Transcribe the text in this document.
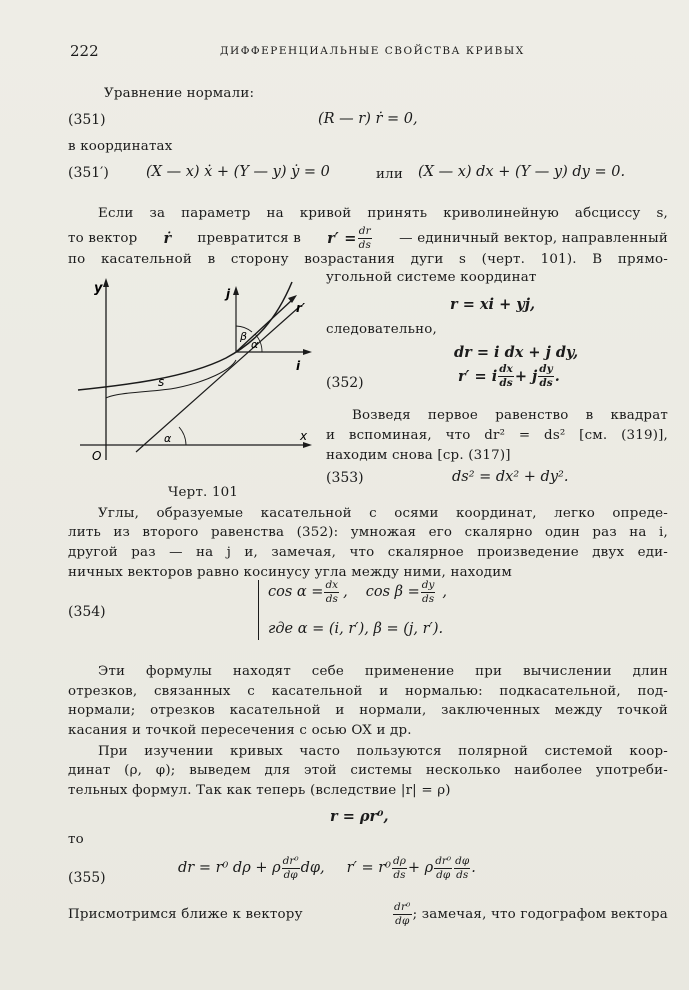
222	ДИФФЕРЕНЦИАЛЬНЫЕ СВОЙСТВА КРИВЫХ
Уравнение нормали:
(351)	(R — r) ṙ = 0,
в координатах
(351′)	(X — x) ẋ + (Y — y) ẏ = 0	или (X — x) dx + (Y — y) dy = 0.
Если за параметр на кривой принять криволинейную абсциссу s,
то вектор ṙ превратится в $r' = \frac{dr}{ds}$ — единичный вектор, направленный
по касательной в сторону возрастания дуги s (черт. 101). В прямо-
угольной системе координат
y
x
O
i
j
r′
s
α
α
β
Черт. 101
r = xi + yj,
следовательно,
dr = i dx + j dy,
(352)	r′ = i $\frac{dx}{ds} + j \frac{dy}{ds}$ .
Возведя первое равенство в квадрат
и вспоминая, что dr² = ds² [см. (319)],
находим снова [ср. (317)]
(353)	ds² = dx² + dy².
Углы, образуемые касательной с осями координат, легко опреде-
лить из второго равенства (352): умножая его скалярно один раз на i,
другой раз — на j и, замечая, что скалярное произведение двух еди-
ничных векторов равно косинусу угла между ними, находим
(354)
$\cos \alpha = \frac{dx}{ds}$ , $\cos \beta = \frac{dy}{ds}$ ,
где α = (i, r′), β = (j, r′).
Эти формулы находят себе применение при вычислении длин
отрезков, связанных с касательной и нормалью: подкасательной, под-
нормали; отрезков касательной и нормали, заключенных между точкой
касания и точкой пересечения с осью OX и др.
При изучении кривых часто пользуются полярной системой коор-
динат (ρ, φ); выведем для этой системы несколько наиболее употреби-
тельных формул. Так как теперь (вследствие |r| = ρ)
r = ρr⁰,
то
(355)
dr = r⁰ dρ + ρ $\frac{\text{dr⁰}}{d\varphi} d\varphi$, $r' = r^0 \frac{d\rho}{ds} + \rho \frac{\text{dr⁰}}{d\varphi} \frac{d\varphi}{ds}$ .
Присмотримся ближе к вектору	$\frac{\text{dr⁰}}{d\varphi}$ ; замечая, что годографом вектора
